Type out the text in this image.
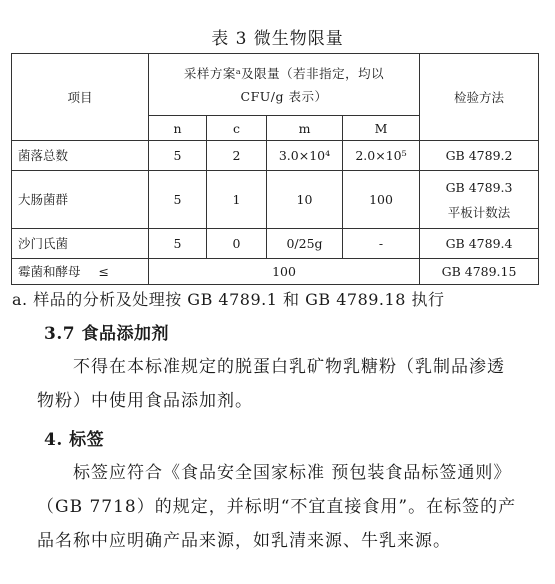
表 3 微生物限量
项目	采样方案ᵃ及限量（若非指定，均以
CFU/g 表示）				检验方法
	n	c	m	M	
菌落总数	5	2	3.0×10⁴	2.0×10⁵	GB 4789.2
大肠菌群	5	1	10	100	GB 4789.3
平板计数法

沙门氏菌	5	0	0/25g	-	GB 4789.4
霉菌和酵母 ≤	100				GB 4789.15
a. 样品的分析及处理按 GB 4789.1 和 GB 4789.18 执行
3.7 食品添加剂
不得在本标准规定的脱蛋白乳矿物乳糖粉（乳制品渗透
物粉）中使用食品添加剂。
4. 标签
标签应符合《食品安全国家标准 预包装食品标签通则》
（GB 7718）的规定，并标明“不宜直接食用”。在标签的产
品名称中应明确产品来源，如乳清来源、牛乳来源。
